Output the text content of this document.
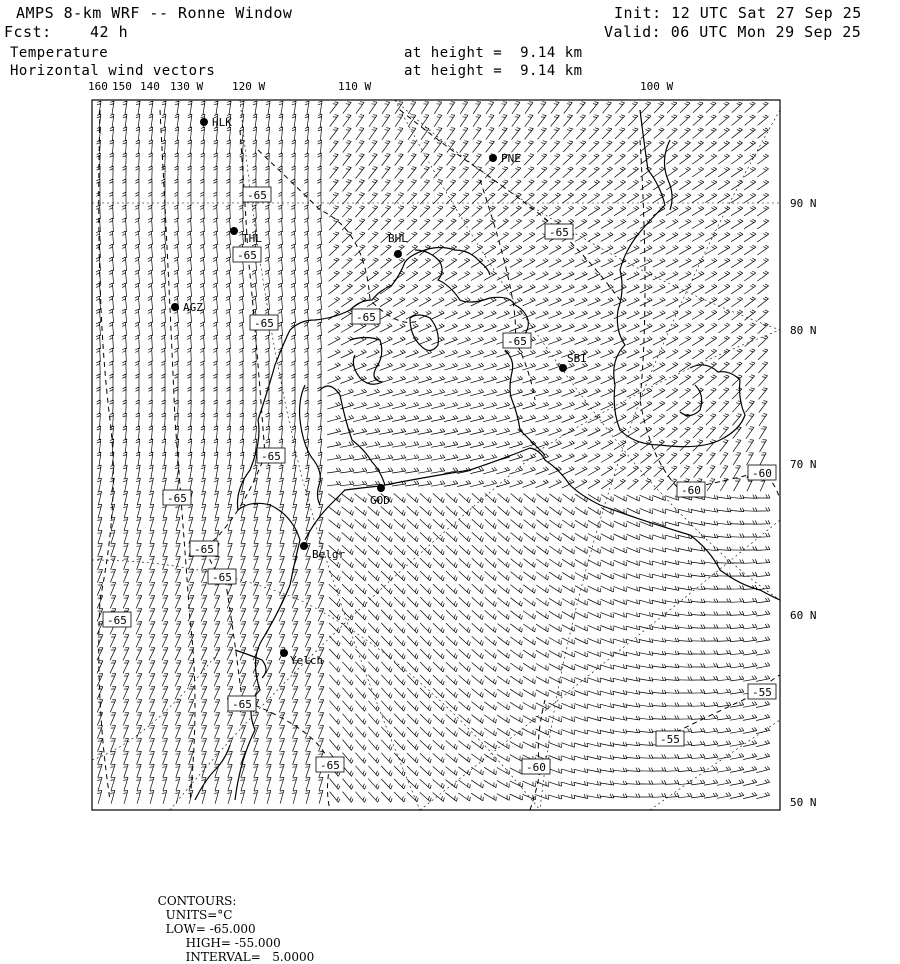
AMPS 8-km WRF -- Ronne Window
Fcst:	42 h
Init: 12 UTC Sat 27 Sep 25
Valid: 06 UTC Mon 29 Sep 25
Temperature
Horizontal wind vectors
at height =  9.14 km
at height =  9.14 km
160 150 140 130 W	120 W	110 W	100 W
90 N
80 N
70 N
60 N
50 N
-65
-65
-65	-65
-65
-65
-65
-65
-65
-65
-65
-65
-65
-60
-60
-55
-55
-60
HLK
THL	BHL
AGZ
PNE
SBI
GOD
Belgr
Yelch

CONTOURS:
UNITS=°C
LOW= -65.000
HIGH= -55.000
INTERVAL=   5.0000
